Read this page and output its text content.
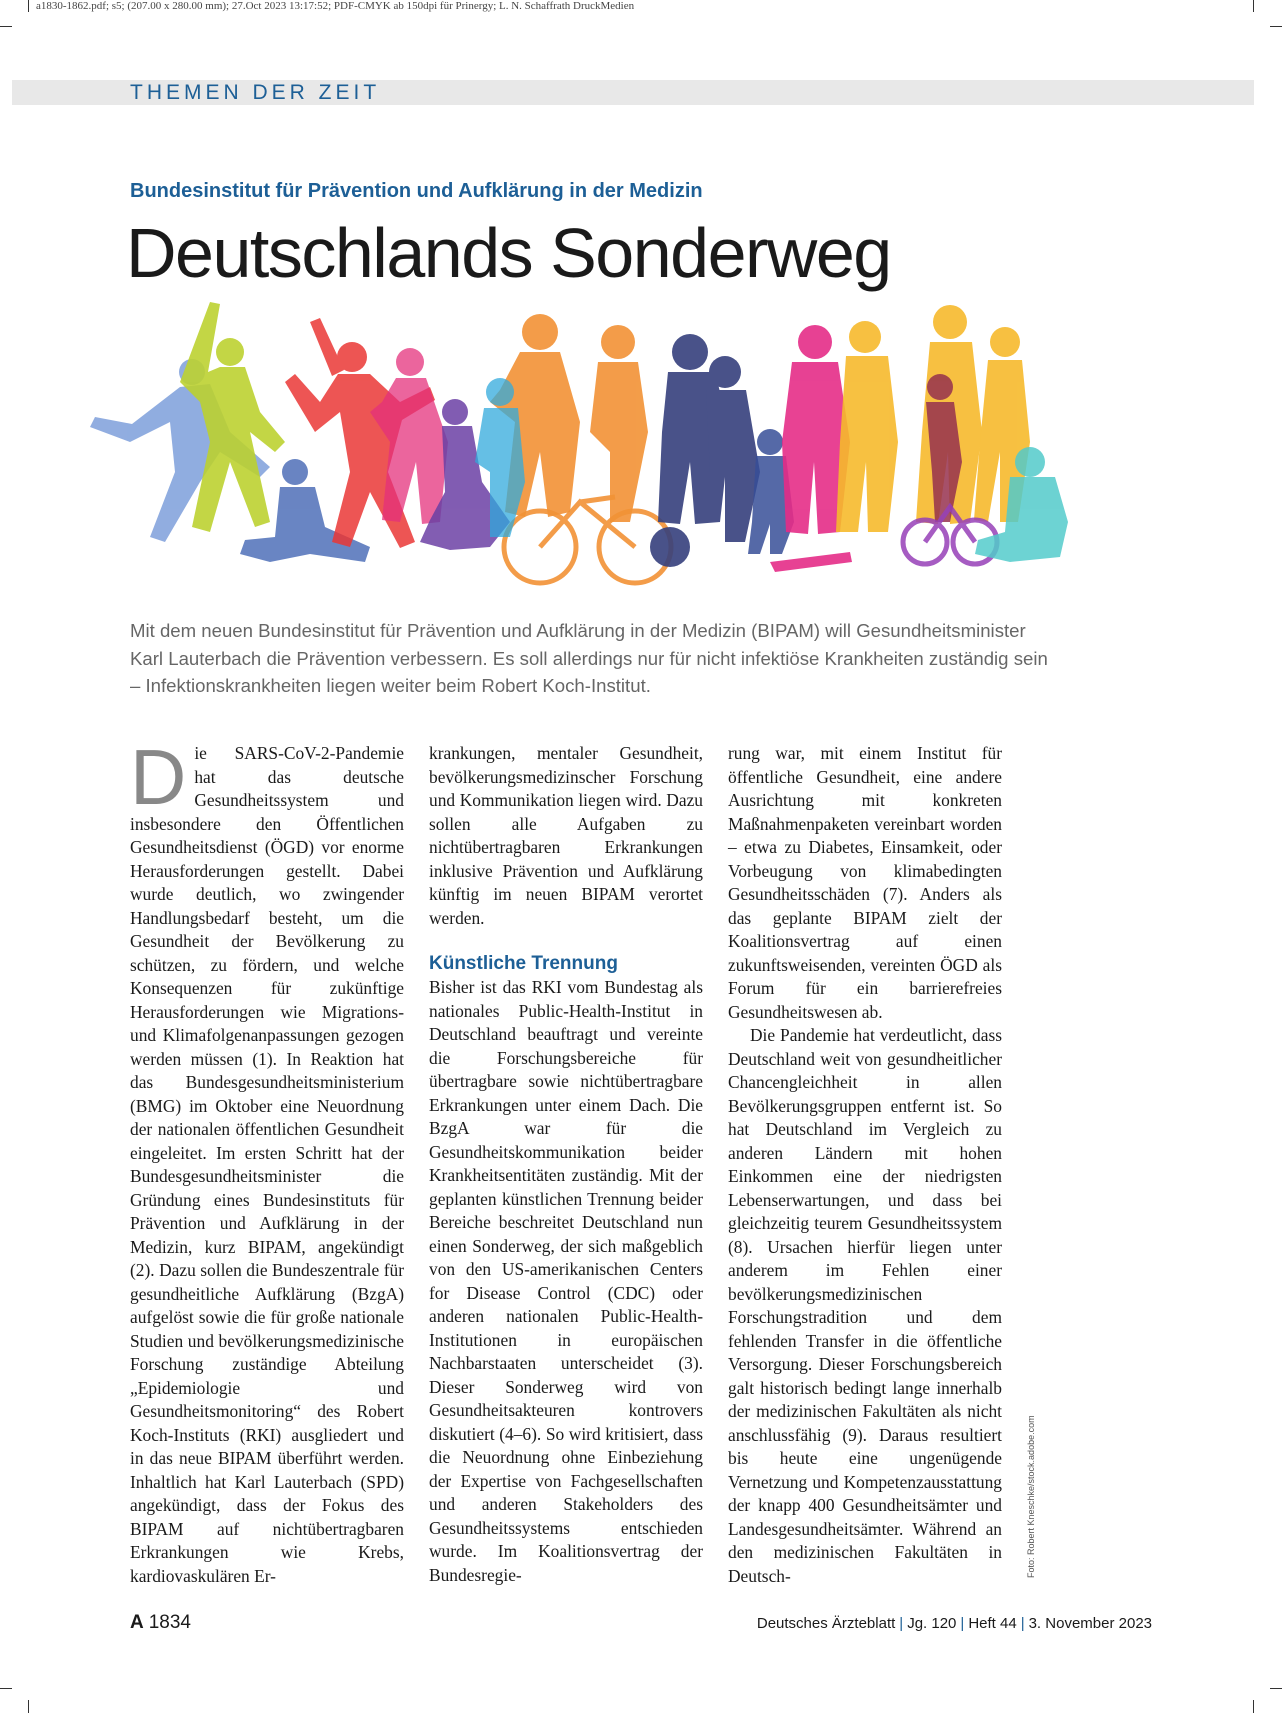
a1830-1862.pdf; s5; (207.00 x 280.00 mm); 27.Oct 2023 13:17:52; PDF-CMYK ab 150dpi für Prinergy; L. N. Schaffrath DruckMedien
THEMEN DER ZEIT
Bundesinstitut für Prävention und Aufklärung in der Medizin
Deutschlands Sonderweg

Mit dem neuen Bundesinstitut für Prävention und Aufklärung in der Medizin (BIPAM) will Gesundheitsminister Karl Lauterbach die Prävention verbessern. Es soll allerdings nur für nicht infektiöse Krankheiten zuständig sein – Infektionskrankheiten liegen weiter beim Robert Koch-Institut.

Die SARS-CoV-2-Pandemie hat das deutsche Gesundheitssystem und insbesondere den Öffentlichen Gesundheitsdienst (ÖGD) vor enorme Herausforderungen gestellt. Dabei wurde deutlich, wo zwingender Handlungsbedarf besteht, um die Gesundheit der Bevölkerung zu schützen, zu fördern, und welche Konsequenzen für zukünftige Herausforderungen wie Migrations- und Klimafolgenanpassungen gezogen werden müssen (1). In Reaktion hat das Bundesgesundheitsministerium (BMG) im Oktober eine Neuordnung der nationalen öffentlichen Gesundheit eingeleitet. Im ersten Schritt hat der Bundesgesundheitsminister die Gründung eines Bundesinstituts für Prävention und Aufklärung in der Medizin, kurz BIPAM, angekündigt (2). Dazu sollen die Bundeszentrale für gesundheitliche Aufklärung (BzgA) aufgelöst sowie die für große nationale Studien und bevölkerungsmedizinische Forschung zuständige Abteilung „Epidemiologie und Gesundheitsmonitoring“ des Robert Koch-Instituts (RKI) ausgliedert und in das neue BIPAM überführt werden. Inhaltlich hat Karl Lauterbach (SPD) angekündigt, dass der Fokus des BIPAM auf nichtübertragbaren Erkrankungen wie Krebs, kardiovaskulären Er-

krankungen, mentaler Gesundheit, bevölkerungsmedizinscher Forschung und Kommunikation liegen wird. Dazu sollen alle Aufgaben zu nichtübertragbaren Erkrankungen inklusive Prävention und Aufklärung künftig im neuen BIPAM verortet werden.

Künstliche Trennung

Bisher ist das RKI vom Bundestag als nationales Public-Health-Institut in Deutschland beauftragt und vereinte die Forschungsbereiche für übertragbare sowie nichtübertragbare Erkrankungen unter einem Dach. Die BzgA war für die Gesundheitskommunikation beider Krankheitsentitäten zuständig. Mit der geplanten künstlichen Trennung beider Bereiche beschreitet Deutschland nun einen Sonderweg, der sich maßgeblich von den US-amerikanischen Centers for Disease Control (CDC) oder anderen nationalen Public-Health-Institutionen in europäischen Nachbarstaaten unterscheidet (3). Dieser Sonderweg wird von Gesundheitsakteuren kontrovers diskutiert (4–6). So wird kritisiert, dass die Neuordnung ohne Einbeziehung der Expertise von Fachgesellschaften und anderen Stakeholders des Gesundheitssystems entschieden wurde. Im Koalitionsvertrag der Bundesregie-

rung war, mit einem Institut für öffentliche Gesundheit, eine andere Ausrichtung mit konkreten Maßnahmenpaketen vereinbart worden – etwa zu Diabetes, Einsamkeit, oder Vorbeugung von klimabedingten Gesundheitsschäden (7). Anders als das geplante BIPAM zielt der Koalitionsvertrag auf einen zukunftsweisenden, vereinten ÖGD als Forum für ein barrierefreies Gesundheitswesen ab.

Die Pandemie hat verdeutlicht, dass Deutschland weit von gesundheitlicher Chancengleichheit in allen Bevölkerungsgruppen entfernt ist. So hat Deutschland im Vergleich zu anderen Ländern mit hohen Einkommen eine der niedrigsten Lebenserwartungen, und dass bei gleichzeitig teurem Gesundheitssystem (8). Ursachen hierfür liegen unter anderem im Fehlen einer bevölkerungsmedizinischen Forschungstradition und dem fehlenden Transfer in die öffentliche Versorgung. Dieser Forschungsbereich galt historisch bedingt lange innerhalb der medizinischen Fakultäten als nicht anschlussfähig (9). Daraus resultiert bis heute eine ungenügende Vernetzung und Kompetenzausstattung der knapp 400 Gesundheitsämter und Landesgesundheitsämter. Während an den medizinischen Fakultäten in Deutsch-	Foto: Robert Kneschke/stock.adobe.com
A 1834	Deutsches Ärzteblatt | Jg. 120 | Heft 44 | 3. November 2023
